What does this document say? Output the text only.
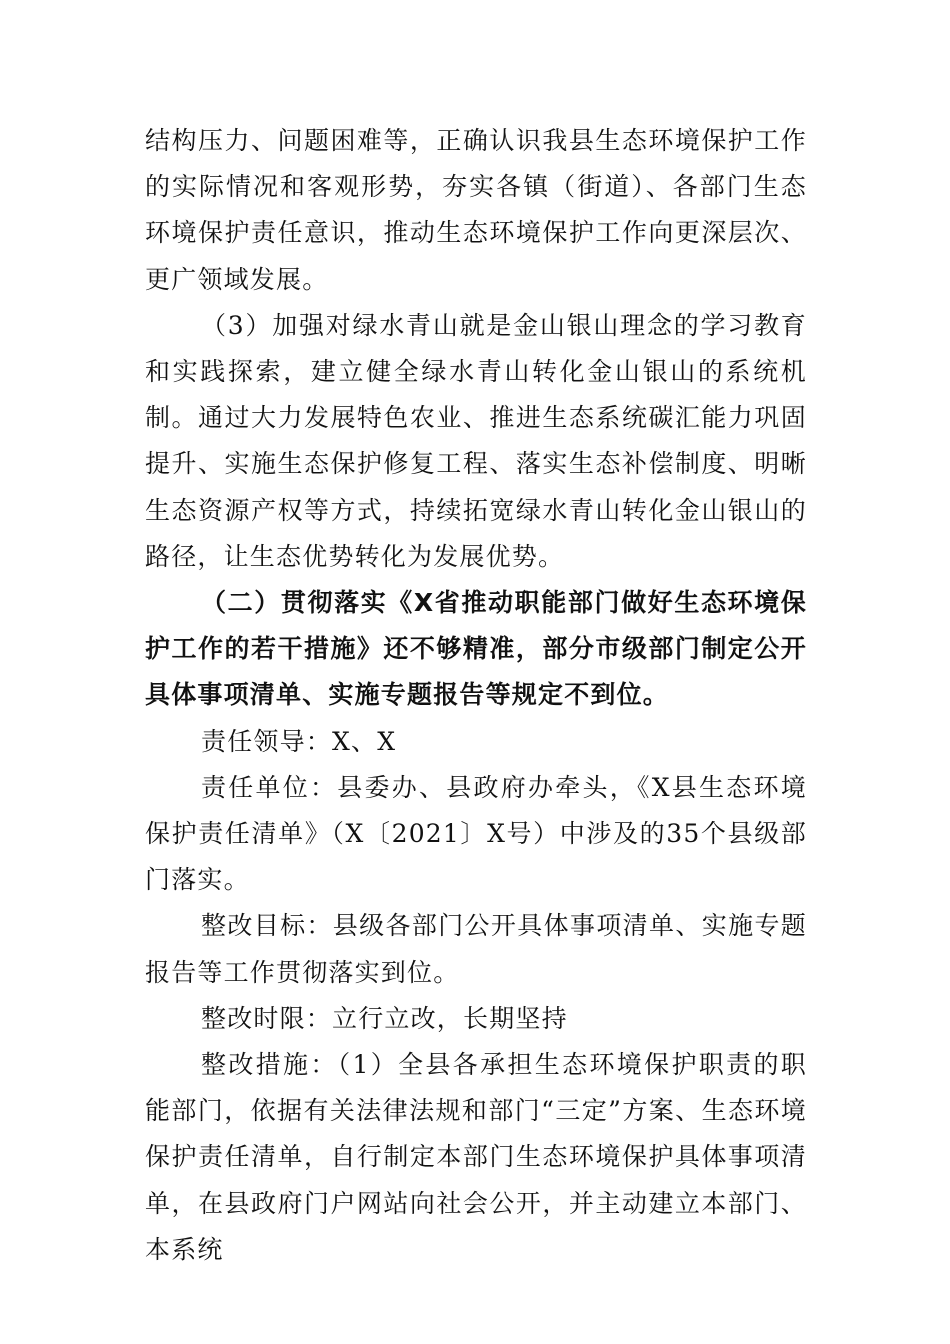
结构压力、问题困难等，正确认识我县生态环境保护工作的实际情况和客观形势，夯实各镇（街道）、各部门生态环境保护责任意识，推动生态环境保护工作向更深层次、更广领域发展。

（3）加强对绿水青山就是金山银山理念的学习教育和实践探索，建立健全绿水青山转化金山银山的系统机制。通过大力发展特色农业、推进生态系统碳汇能力巩固提升、实施生态保护修复工程、落实生态补偿制度、明晰生态资源产权等方式，持续拓宽绿水青山转化金山银山的路径，让生态优势转化为发展优势。

（二）贯彻落实《X省推动职能部门做好生态环境保护工作的若干措施》还不够精准，部分市级部门制定公开具体事项清单、实施专题报告等规定不到位。

责任领导：X、X

责任单位：县委办、县政府办牵头，《X县生态环境保护责任清单》（X〔2021〕X号）中涉及的35个县级部门落实。

整改目标：县级各部门公开具体事项清单、实施专题报告等工作贯彻落实到位。

整改时限：立行立改，长期坚持

整改措施：（1）全县各承担生态环境保护职责的职能部门，依据有关法律法规和部门“三定”方案、生态环境保护责任清单，自行制定本部门生态环境保护具体事项清单，在县政府门户网站向社会公开，并主动建立本部门、本系统
